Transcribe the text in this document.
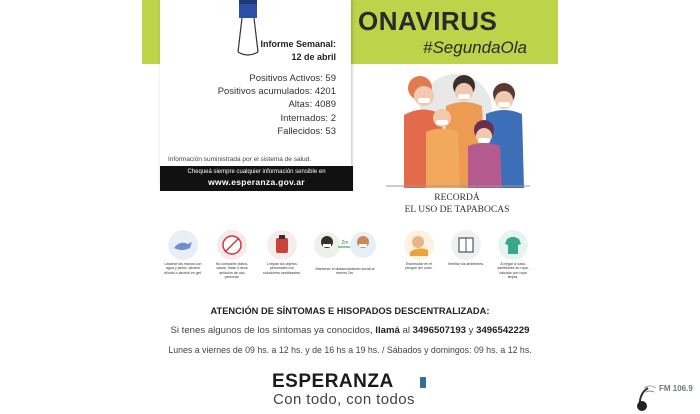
ONAVIRUS
#SegundaOla
Informe Semanal:
12 de abril
Positivos Activos: 59
Positivos acumulados: 4201
Altas: 4089
Internados: 2
Fallecidos: 53
Información suministrada por el sistema de salud.
Chequeá siempre cualquier información sensible en
www.esperanza.gov.ar
RECORDÁ
EL USO DE TAPABOCAS
Lavarse las manos con agua y jabón, alcohol diluido o alcohol en gel.
No compartir platos, vasos, mate u otros artículos de uso personal.
Limpiar los objetos personales con soluciones sanitizantes.
2m
Mantener el distanciamiento social al menos 2m.
Estornudar en el pliegue del codo.
Ventilar los ambientes.	Al llegar a casa, sanitizarse su ropa, calzado con ropa limpia.
ATENCIÓN DE SÍNTOMAS E HISOPADOS DESCENTRALIZADA:
Si tenes algunos de los síntomas ya conocidos, llamá al 3496507193 y 3496542229
Lunes a viernes de 09 hs. a 12 hs. y de 16 hs a 19 hs. / Sábados y domingos: 09 hs. a 12 hs.
ESPERANZA
Con todo, con todos
FM 106.9
